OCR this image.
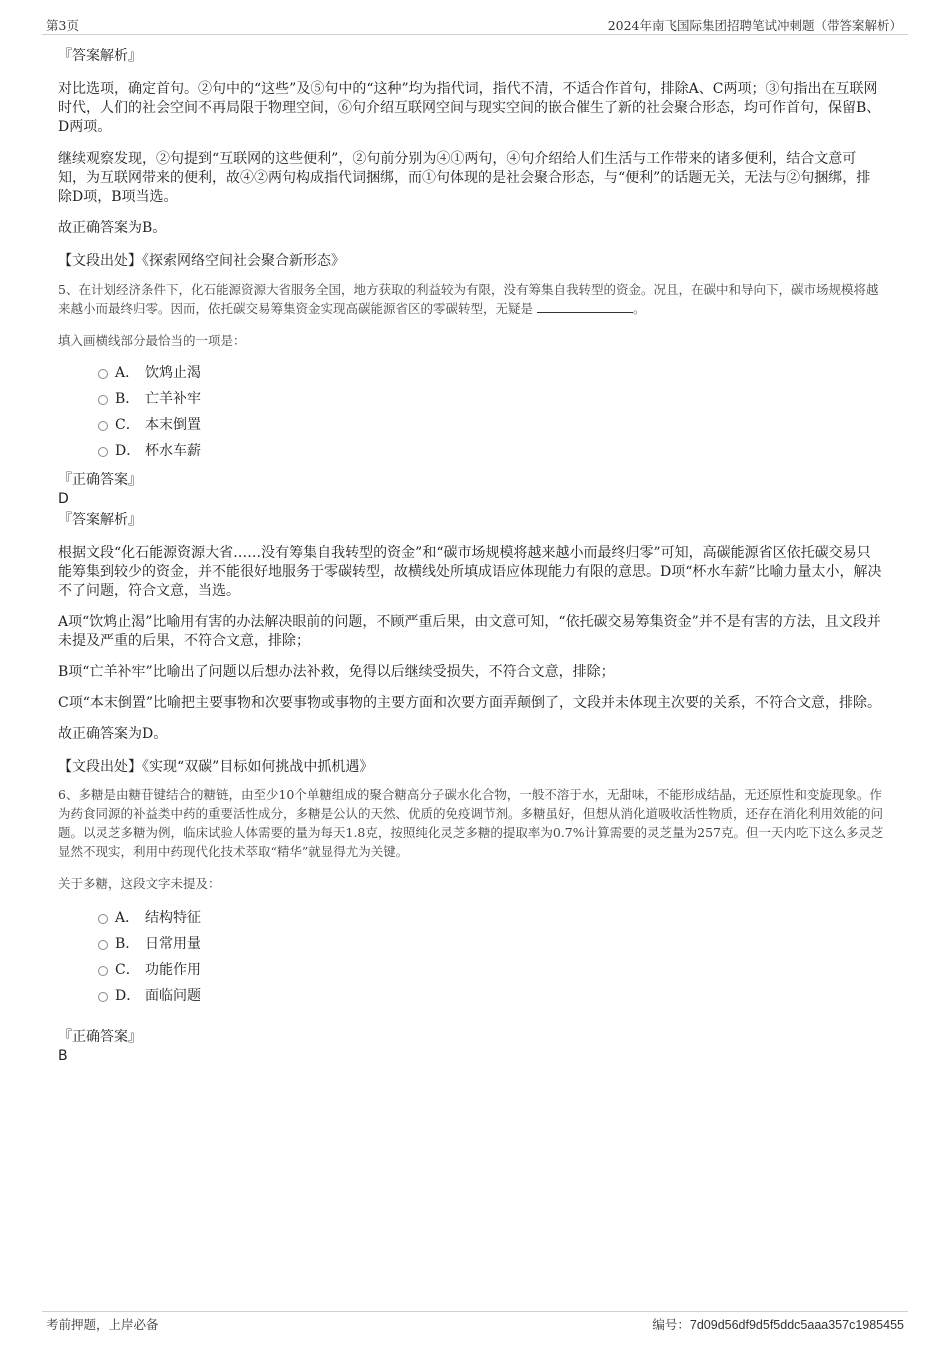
第3页	2024年南飞国际集团招聘笔试冲刺题（带答案解析）

『答案解析』

对比选项，确定首句。②句中的“这些”及⑤句中的“这种”均为指代词，指代不清，不适合作首句，排除A、C两项；③句指出在互联网时代，人们的社会空间不再局限于物理空间，⑥句介绍互联网空间与现实空间的嵌合催生了新的社会聚合形态，均可作首句，保留B、D两项。

继续观察发现，②句提到“互联网的这些便利”，②句前分别为④①两句，④句介绍给人们生活与工作带来的诸多便利，结合文意可知，为互联网带来的便利，故④②两句构成指代词捆绑，而①句体现的是社会聚合形态，与“便利”的话题无关，无法与②句捆绑，排除D项，B项当选。

故正确答案为B。

【文段出处】《探索网络空间社会聚合新形态》

5、在计划经济条件下，化石能源资源大省服务全国，地方获取的利益较为有限，没有筹集自我转型的资金。况且，在碳中和导向下，碳市场规模将越来越小而最终归零。因而，依托碳交易筹集资金实现高碳能源省区的零碳转型，无疑是	。

填入画横线部分最恰当的一项是：

A． 饮鸩止渴
B． 亡羊补牢
C． 本末倒置
D． 杯水车薪

『正确答案』

D

『答案解析』

根据文段“化石能源资源大省……没有筹集自我转型的资金”和“碳市场规模将越来越小而最终归零”可知，高碳能源省区依托碳交易只能筹集到较少的资金，并不能很好地服务于零碳转型，故横线处所填成语应体现能力有限的意思。D项“杯水车薪”比喻力量太小，解决不了问题，符合文意，当选。

A项“饮鸩止渴”比喻用有害的办法解决眼前的问题，不顾严重后果，由文意可知，“依托碳交易筹集资金”并不是有害的方法，且文段并未提及严重的后果，不符合文意，排除；

B项“亡羊补牢”比喻出了问题以后想办法补救，免得以后继续受损失，不符合文意，排除；

C项“本末倒置”比喻把主要事物和次要事物或事物的主要方面和次要方面弄颠倒了，文段并未体现主次要的关系，不符合文意，排除。

故正确答案为D。

【文段出处】《实现“双碳”目标如何挑战中抓机遇》

6、多糖是由糖苷键结合的糖链，由至少10个单糖组成的聚合糖高分子碳水化合物，一般不溶于水，无甜味，不能形成结晶，无还原性和变旋现象。作为药食同源的补益类中药的重要活性成分，多糖是公认的天然、优质的免疫调节剂。多糖虽好，但想从消化道吸收活性物质，还存在消化利用效能的问题。以灵芝多糖为例，临床试验人体需要的量为每天1.8克，按照纯化灵芝多糖的提取率为0.7%计算需要的灵芝量为257克。但一天内吃下这么多灵芝显然不现实，利用中药现代化技术萃取“精华”就显得尤为关键。

关于多糖，这段文字未提及：

A． 结构特征
B． 日常用量
C． 功能作用
D． 面临问题

『正确答案』

B

考前押题，上岸必备	编号：7d09d56df9d5f5ddc5aaa357c1985455
